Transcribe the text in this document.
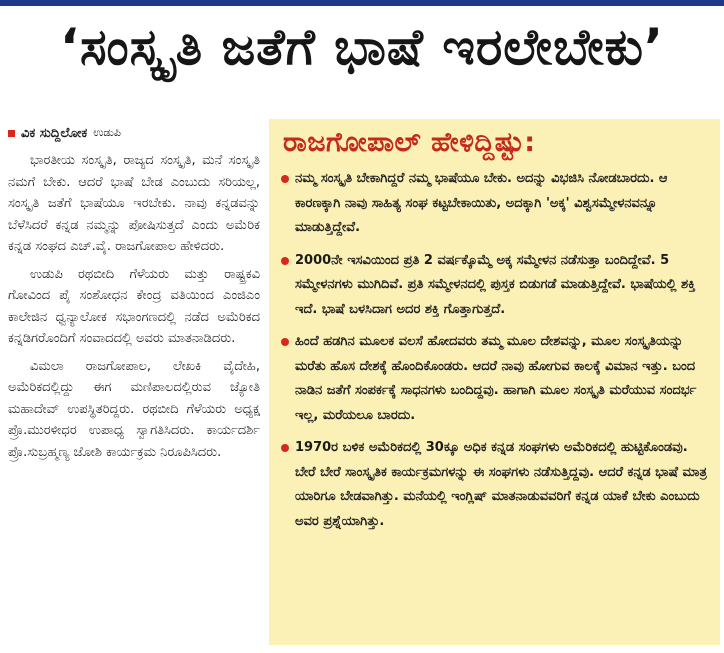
‘ಸಂಸ್ಕೃತಿ ಜತೆಗೆ ಭಾಷೆ ಇರಲೇಬೇಕು’
ವಿಕ ಸುದ್ದಿಲೋಕ ಉಡುಪಿ

ಭಾರತೀಯ ಸಂಸ್ಕೃತಿ, ರಾಜ್ಯದ ಸಂಸ್ಕೃತಿ, ಮನೆ ಸಂಸ್ಕೃತಿ ನಮಗೆ ಬೇಕು. ಆದರೆ ಭಾಷೆ ಬೇಡ ಎಂಬುದು ಸರಿಯಲ್ಲ, ಸಂಸ್ಕೃತಿ ಜತೆಗೆ ಭಾಷೆಯೂ ಇರಬೇಕು. ನಾವು ಕನ್ನಡವನ್ನು ಬೆಳೆಸಿದರೆ ಕನ್ನಡ ನಮ್ಮನ್ನು ಪೋಷಿಸುತ್ತದೆ ಎಂದು ಅಮೆರಿಕ ಕನ್ನಡ ಸಂಘದ ಎಚ್.ವೈ. ರಾಜಗೋಪಾಲ ಹೇಳಿದರು.

ಉಡುಪಿ ರಥಬೀದಿ ಗೆಳೆಯರು ಮತ್ತು ರಾಷ್ಟ್ರಕವಿ ಗೋವಿಂದ ಪೈ ಸಂಶೋಧನ ಕೇಂದ್ರ ವತಿಯಿಂದ ಎಂಜಿಎಂ ಕಾಲೇಜಿನ ಧ್ವನ್ಯಾಲೋಕ ಸಭಾಂಗಣದಲ್ಲಿ ನಡೆದ ಅಮೆರಿಕದ ಕನ್ನಡಿಗರೊಂದಿಗೆ ಸಂವಾದದಲ್ಲಿ ಅವರು ಮಾತನಾಡಿದರು.

ವಿಮಲಾ ರಾಜಗೋಪಾಲ, ಲೇಖಕಿ ವೈದೇಹಿ, ಅಮೆರಿಕದಲ್ಲಿದ್ದು ಈಗ ಮಣಿಪಾಲದಲ್ಲಿರುವ ಜ್ಯೋತಿ ಮಹಾದೇವ್ ಉಪಸ್ಥಿತರಿದ್ದರು. ರಥಬೀದಿ ಗೆಳೆಯರು ಅಧ್ಯಕ್ಷ ಪ್ರೊ.ಮುರಳೀಧರ ಉಪಾಧ್ಯ ಸ್ವಾಗತಿಸಿದರು. ಕಾರ್ಯದರ್ಶಿ ಪ್ರೊ.ಸುಬ್ರಹ್ಮಣ್ಯ ಜೋಶಿ ಕಾರ್ಯಕ್ರಮ ನಿರೂಪಿಸಿದರು.

ರಾಜಗೋಪಾಲ್ ಹೇಳಿದ್ದಿಷ್ಟು:
ನಮ್ಮ ಸಂಸ್ಕೃತಿ ಬೇಕಾಗಿದ್ದರೆ ನಮ್ಮ ಭಾಷೆಯೂ ಬೇಕು. ಅದನ್ನು ವಿಭಜಿಸಿ ನೋಡಬಾರದು. ಆ ಕಾರಣಕ್ಕಾಗಿ ನಾವು ಸಾಹಿತ್ಯ ಸಂಘ ಕಟ್ಟಬೇಕಾಯಿತು, ಅದಕ್ಕಾಗಿ 'ಅಕ್ಕ' ವಿಶ್ವಸಮ್ಮೇಳನವನ್ನೂ ಮಾಡುತ್ತಿದ್ದೇವೆ.
2000ನೇ ಇಸವಿಯಿಂದ ಪ್ರತಿ 2 ವರ್ಷಕ್ಕೊಮ್ಮೆ ಅಕ್ಕ ಸಮ್ಮೇಳನ ನಡೆಸುತ್ತಾ ಬಂದಿದ್ದೇವೆ. 5 ಸಮ್ಮೇಳನಗಳು ಮುಗಿದಿವೆ. ಪ್ರತಿ ಸಮ್ಮೇಳನದಲ್ಲಿ ಪುಸ್ತಕ ಬಿಡುಗಡೆ ಮಾಡುತ್ತಿದ್ದೇವೆ. ಭಾಷೆಯಲ್ಲಿ ಶಕ್ತಿ ಇದೆ. ಭಾಷೆ ಬಳಸಿದಾಗ ಅದರ ಶಕ್ತಿ ಗೊತ್ತಾಗುತ್ತದೆ.
ಹಿಂದೆ ಹಡಗಿನ ಮೂಲಕ ವಲಸೆ ಹೋದವರು ತಮ್ಮ ಮೂಲ ದೇಶವನ್ನು, ಮೂಲ ಸಂಸ್ಕೃತಿಯನ್ನು ಮರೆತು ಹೊಸ ದೇಶಕ್ಕೆ ಹೊಂದಿಕೊಂಡರು. ಆದರೆ ನಾವು ಹೋಗುವ ಕಾಲಕ್ಕೆ ವಿಮಾನ ಇತ್ತು. ಬಂದ ನಾಡಿನ ಜತೆಗೆ ಸಂಪರ್ಕಕ್ಕೆ ಸಾಧನಗಳು ಬಂದಿದ್ದವು. ಹಾಗಾಗಿ ಮೂಲ ಸಂಸ್ಕೃತಿ ಮರೆಯುವ ಸಂದರ್ಭ ಇಲ್ಲ, ಮರೆಯಲೂ ಬಾರದು.
1970ರ ಬಳಿಕ ಅಮೆರಿಕದಲ್ಲಿ 30ಕ್ಕೂ ಅಧಿಕ ಕನ್ನಡ ಸಂಘಗಳು ಅಮೆರಿಕದಲ್ಲಿ ಹುಟ್ಟಿಕೊಂಡವು. ಬೇರೆ ಬೇರೆ ಸಾಂಸ್ಕೃತಿಕ ಕಾರ್ಯಕ್ರಮಗಳನ್ನು ಈ ಸಂಘಗಳು ನಡೆಸುತ್ತಿದ್ದವು. ಆದರೆ ಕನ್ನಡ ಭಾಷೆ ಮಾತ್ರ ಯಾರಿಗೂ ಬೇಡವಾಗಿತ್ತು. ಮನೆಯಲ್ಲಿ ಇಂಗ್ಲಿಷ್ ಮಾತನಾಡುವವರಿಗೆ ಕನ್ನಡ ಯಾಕೆ ಬೇಕು ಎಂಬುದು ಅವರ ಪ್ರಶ್ನೆಯಾಗಿತ್ತು.
